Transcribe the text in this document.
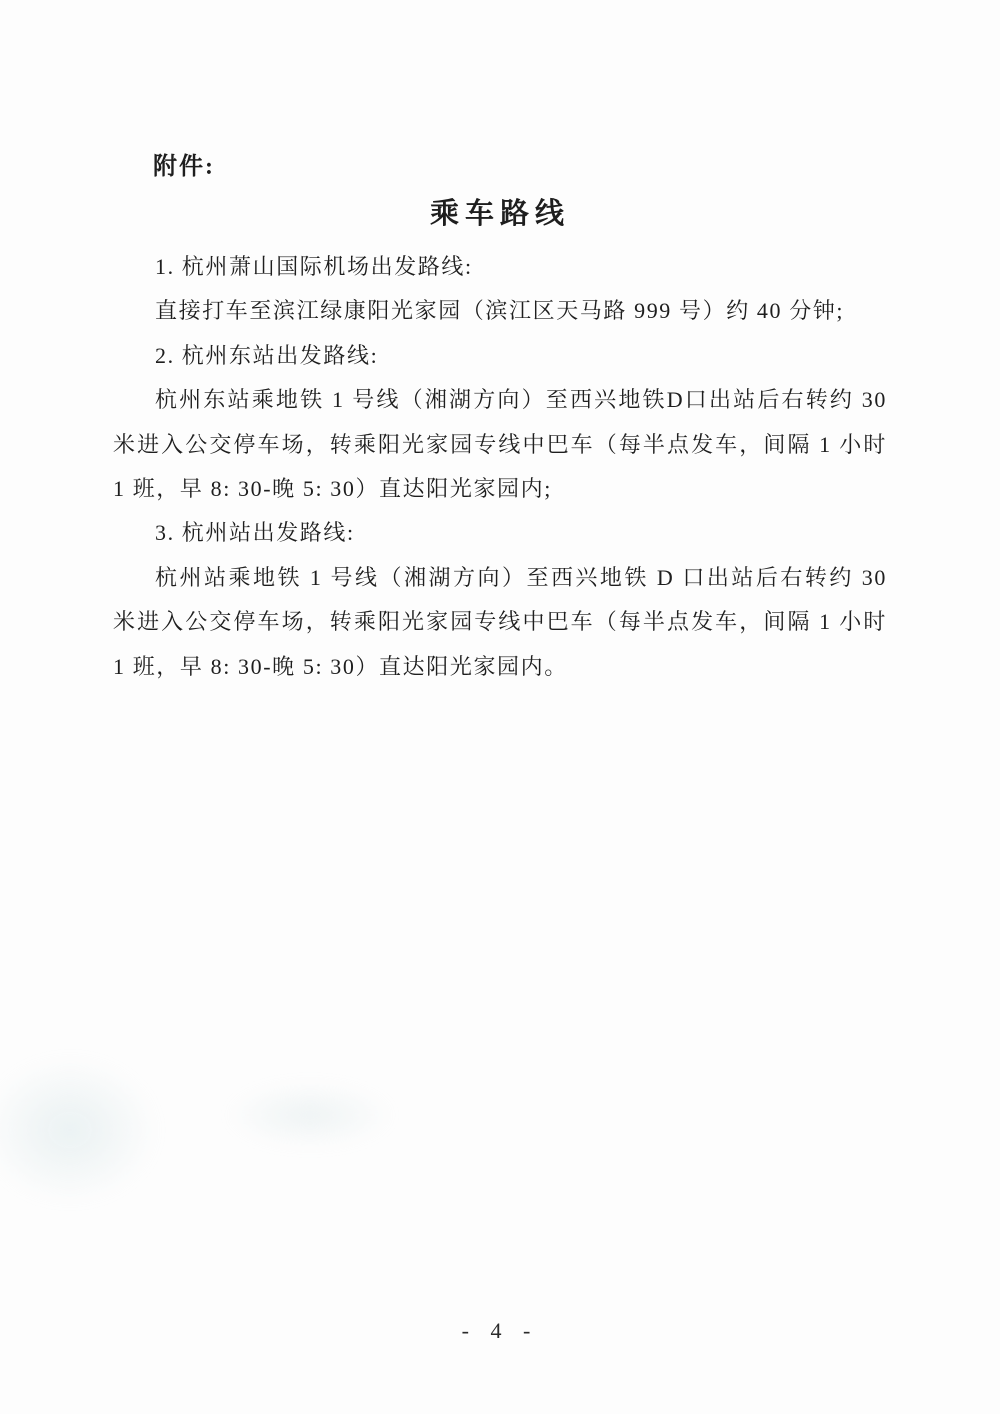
附件:
乘车路线
1. 杭州萧山国际机场出发路线:
直接打车至滨江绿康阳光家园（滨江区天马路 999 号）约 40 分钟;
2. 杭州东站出发路线:
杭州东站乘地铁 1 号线（湘湖方向）至西兴地铁D口出站后右转约 30
米进入公交停车场，转乘阳光家园专线中巴车（每半点发车，间隔 1 小时
1 班，早 8: 30-晚 5: 30）直达阳光家园内;
3. 杭州站出发路线:
杭州站乘地铁 1 号线（湘湖方向）至西兴地铁 D 口出站后右转约 30
米进入公交停车场，转乘阳光家园专线中巴车（每半点发车，间隔 1 小时
1 班，早 8: 30-晚 5: 30）直达阳光家园内。
- 4 -
